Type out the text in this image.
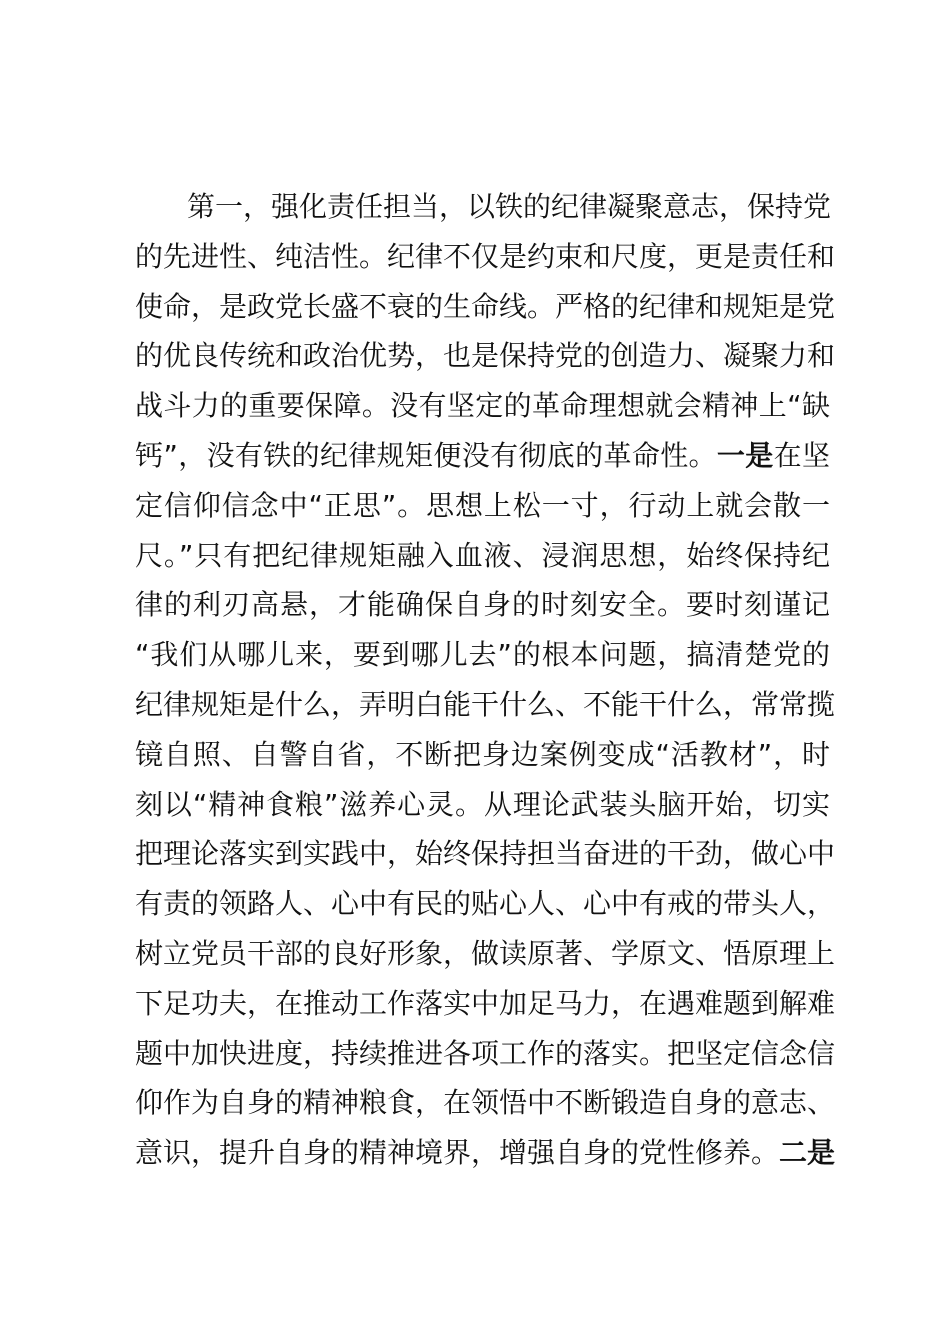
第一，强化责任担当，以铁的纪律凝聚意志，保持党
的先进性、纯洁性。纪律不仅是约束和尺度，更是责任和
使命，是政党长盛不衰的生命线。严格的纪律和规矩是党
的优良传统和政治优势，也是保持党的创造力、凝聚力和
战斗力的重要保障。没有坚定的革命理想就会精神上“缺
钙”，没有铁的纪律规矩便没有彻底的革命性。一是在坚
定信仰信念中“正思”。思想上松一寸，行动上就会散一
尺。”只有把纪律规矩融入血液、浸润思想，始终保持纪
律的利刃高悬，才能确保自身的时刻安全。要时刻谨记
“我们从哪儿来，要到哪儿去”的根本问题，搞清楚党的
纪律规矩是什么，弄明白能干什么、不能干什么，常常揽
镜自照、自警自省，不断把身边案例变成“活教材”，时
刻以“精神食粮”滋养心灵。从理论武装头脑开始，切实
把理论落实到实践中，始终保持担当奋进的干劲，做心中
有责的领路人、心中有民的贴心人、心中有戒的带头人，
树立党员干部的良好形象，做读原著、学原文、悟原理上
下足功夫，在推动工作落实中加足马力，在遇难题到解难
题中加快进度，持续推进各项工作的落实。把坚定信念信
仰作为自身的精神粮食，在领悟中不断锻造自身的意志、
意识，提升自身的精神境界，增强自身的党性修养。二是
